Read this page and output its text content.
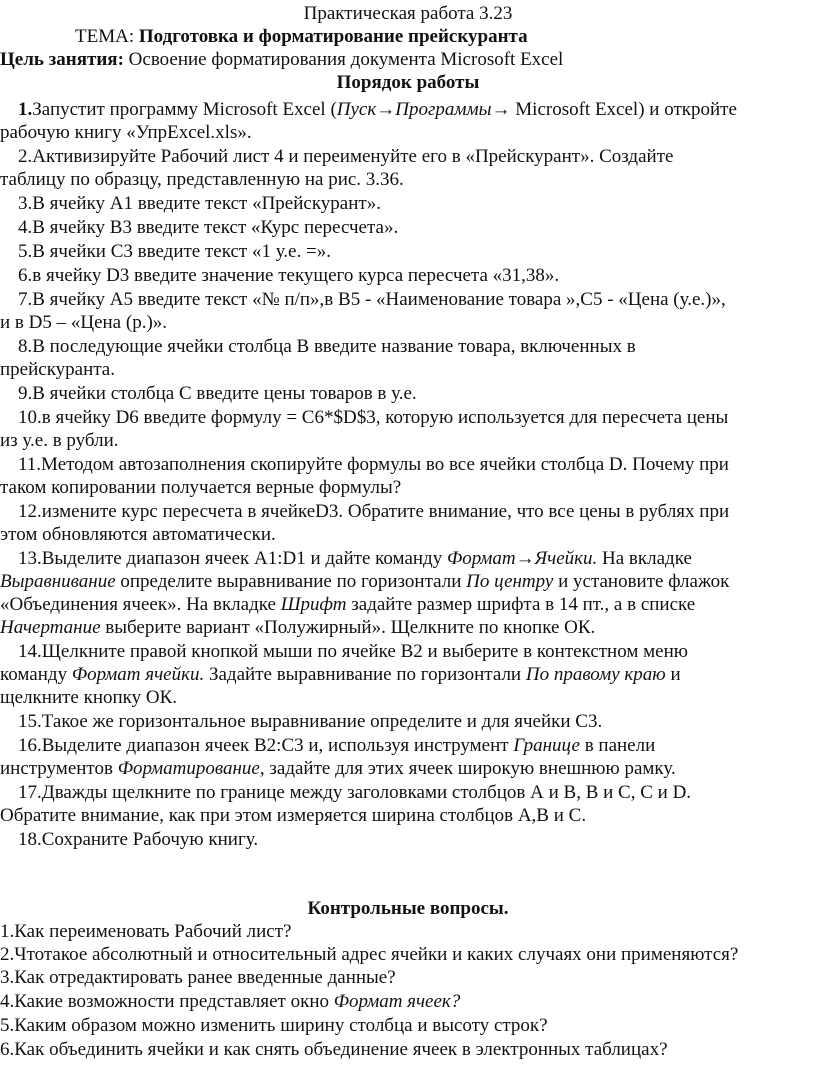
Практическая работа 3.23
ТЕМА: Подготовка и форматирование прейскуранта
Цель занятия: Освоение форматирования документа Microsoft Excel
Порядок работы
1.Запустит программу Microsoft Excel (Пуск→Программы→ Microsoft Excel) и откройте
рабочую книгу «УпрExcel.xls».
2.Активизируйте Рабочий лист 4 и переименуйте его в «Прейскурант». Создайте
таблицу по образцу, представленную на рис. 3.36.
3.В ячейку А1 введите текст «Прейскурант».
4.В ячейку В3 введите текст «Курс пересчета».
5.В ячейки С3 введите текст «1 у.е. =».
6.в ячейку D3 введите значение текущего курса пересчета «31,38».
7.В ячейку А5 введите текст «№ п/п»,в В5 - «Наименование товара »,С5 - «Цена (у.е.)»,
и в D5 – «Цена (р.)».
8.В последующие ячейки столбца В введите название товара, включенных в
прейскуранта.
9.В ячейки столбца С введите цены товаров в у.е.
10.в ячейку D6 введите формулу = С6*$D$3, которую используется для пересчета цены
из у.е. в рубли.
11.Методом автозаполнения скопируйте формулы во все ячейки столбца D. Почему при
таком копировании получается верные формулы?
12.измените курс пересчета в ячейкеD3. Обратите внимание, что все цены в рублях при
этом обновляются автоматически.
13.Выделите диапазон ячеек А1:D1 и дайте команду Формат→Ячейки. На вкладке
Выравнивание определите выравнивание по горизонтали По центру и установите флажок
«Объединения ячеек». На вкладке Шрифт задайте размер шрифта в 14 пт., а в списке
Начертание выберите вариант «Полужирный». Щелкните по кнопке ОК.
14.Щелкните правой кнопкой мыши по ячейке В2 и выберите в контекстном меню
команду Формат ячейки. Задайте выравнивание по горизонтали По правому краю и
щелкните кнопку ОК.
15.Такое же горизонтальное выравнивание определите и для ячейки С3.
16.Выделите диапазон ячеек В2:С3 и, используя инструмент Границе в панели
инструментов Форматирование, задайте для этих ячеек широкую внешнюю рамку.
17.Дважды щелкните по границе между заголовками столбцов А и В, В и С, С и D.
Обратите внимание, как при этом измеряется ширина столбцов А,В и С.
18.Сохраните Рабочую книгу.
Контрольные вопросы.
1.Как переименовать Рабочий лист?
2.Чтотакое абсолютный и относительный адрес ячейки и каких случаях они применяются?
3.Как отредактировать ранее введенные данные?
4.Какие возможности представляет окно Формат ячеек?
5.Каким образом можно изменить ширину столбца и высоту строк?
6.Как объединить ячейки и как снять объединение ячеек в электронных таблицах?
